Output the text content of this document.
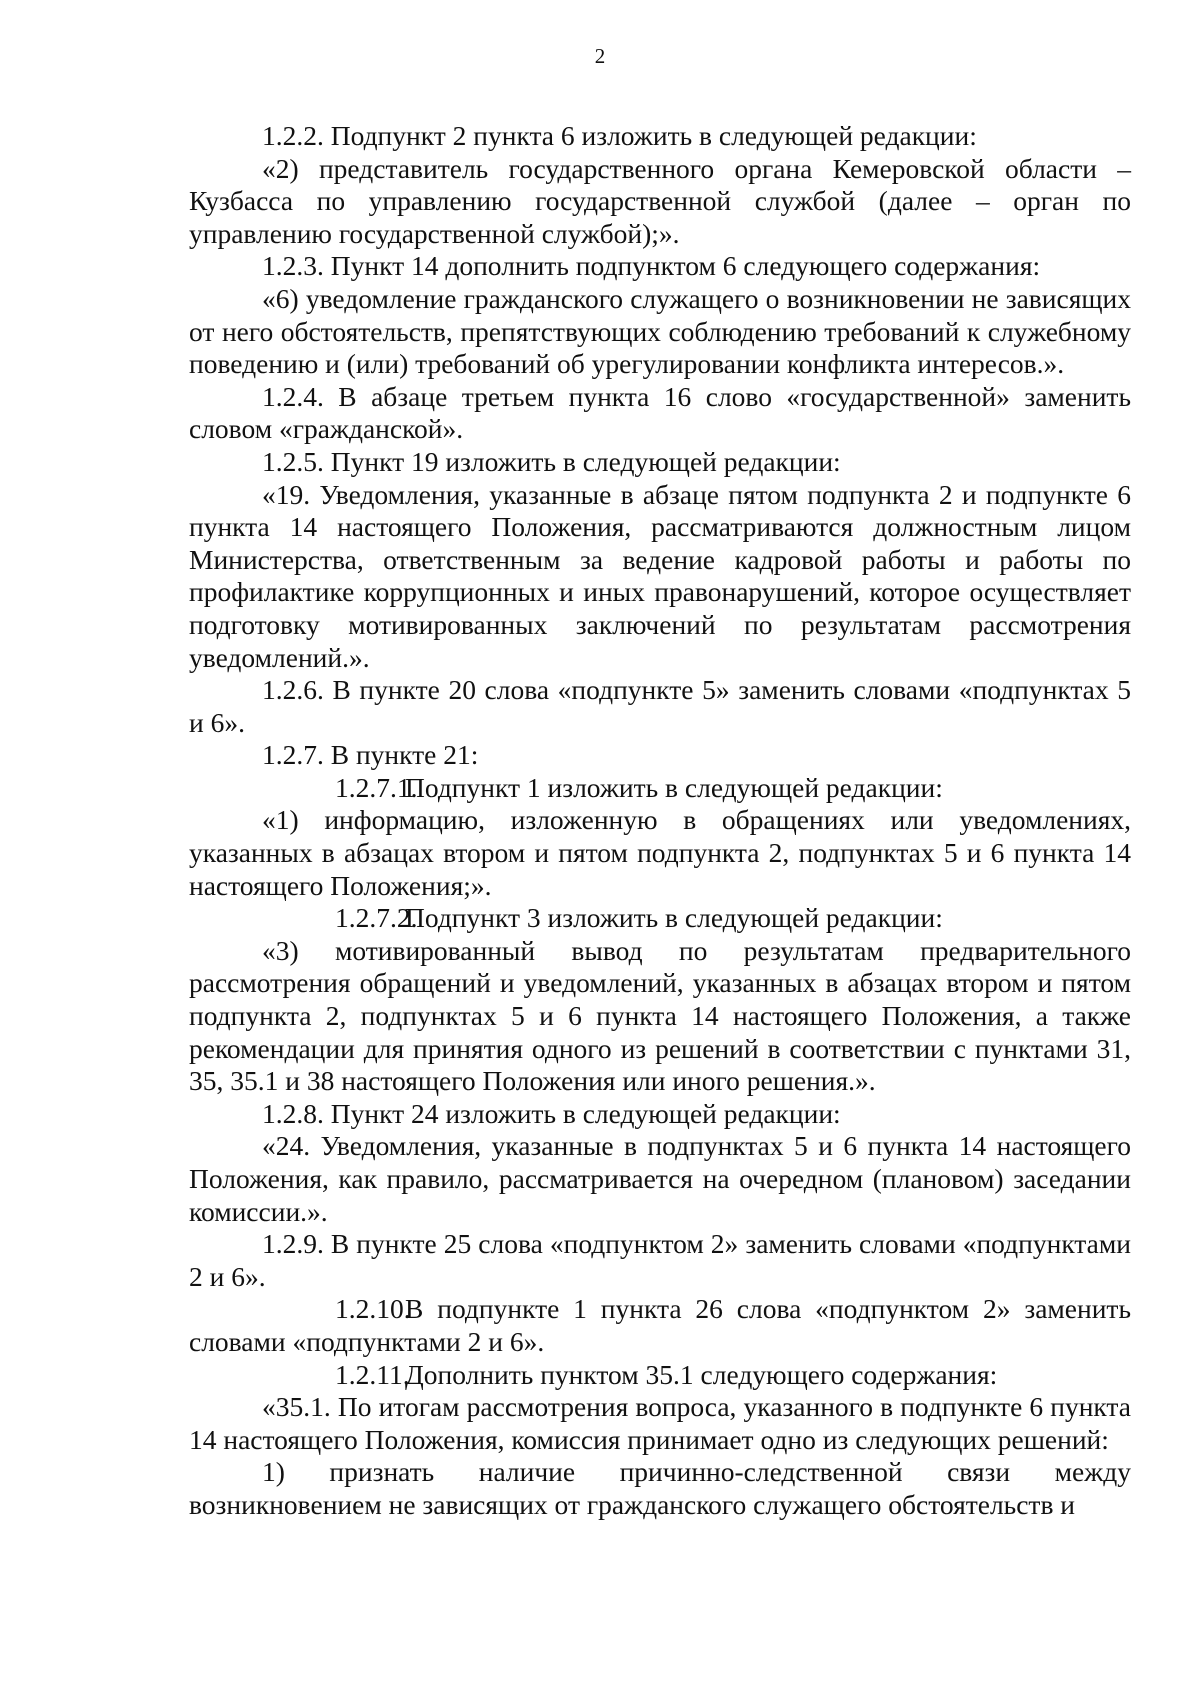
2

1.2.2. Подпункт 2 пункта 6 изложить в следующей редакции:

«2) представитель государственного органа Кемеровской области – Кузбасса по управлению государственной службой (далее – орган по управлению государственной службой);».

1.2.3. Пункт 14 дополнить подпунктом 6 следующего содержания:

«6) уведомление гражданского служащего о возникновении не зависящих от него обстоятельств, препятствующих соблюдению требований к служебному поведению и (или) требований об урегулировании конфликта интересов.».

1.2.4. В абзаце третьем пункта 16 слово «государственной» заменить словом «гражданской».

1.2.5. Пункт 19 изложить в следующей редакции:

«19. Уведомления, указанные в абзаце пятом подпункта 2 и подпункте 6 пункта 14 настоящего Положения, рассматриваются должностным лицом Министерства, ответственным за ведение кадровой работы и работы по профилактике коррупционных и иных правонарушений, которое осуществляет подготовку мотивированных заключений по результатам рассмотрения уведомлений.».

1.2.6. В пункте 20 слова «подпункте 5» заменить словами «подпунктах 5 и 6».

1.2.7. В пункте 21:

1.2.7.1.Подпункт 1 изложить в следующей редакции:

«1) информацию, изложенную в обращениях или уведомлениях, указанных в абзацах втором и пятом подпункта 2, подпунктах 5 и 6 пункта 14 настоящего Положения;».

1.2.7.2.Подпункт 3 изложить в следующей редакции:

«3) мотивированный вывод по результатам предварительного рассмотрения обращений и уведомлений, указанных в абзацах втором и пятом подпункта 2, подпунктах 5 и 6 пункта 14 настоящего Положения, а также рекомендации для принятия одного из решений в соответствии с пунктами 31, 35, 35.1 и 38 настоящего Положения или иного решения.».

1.2.8. Пункт 24 изложить в следующей редакции:

«24. Уведомления, указанные в подпунктах 5 и 6 пункта 14 настоящего Положения, как правило, рассматривается на очередном (плановом) заседании комиссии.».

1.2.9. В пункте 25 слова «подпунктом 2» заменить словами «подпунктами 2 и 6».

1.2.10.В подпункте 1 пункта 26 слова «подпунктом 2» заменить словами «подпунктами 2 и 6».

1.2.11.Дополнить пунктом 35.1 следующего содержания:

«35.1. По итогам рассмотрения вопроса, указанного в подпункте 6 пункта 14 настоящего Положения, комиссия принимает одно из следующих решений:

1) признать наличие причинно-следственной связи между возникновением не зависящих от гражданского служащего обстоятельств и
